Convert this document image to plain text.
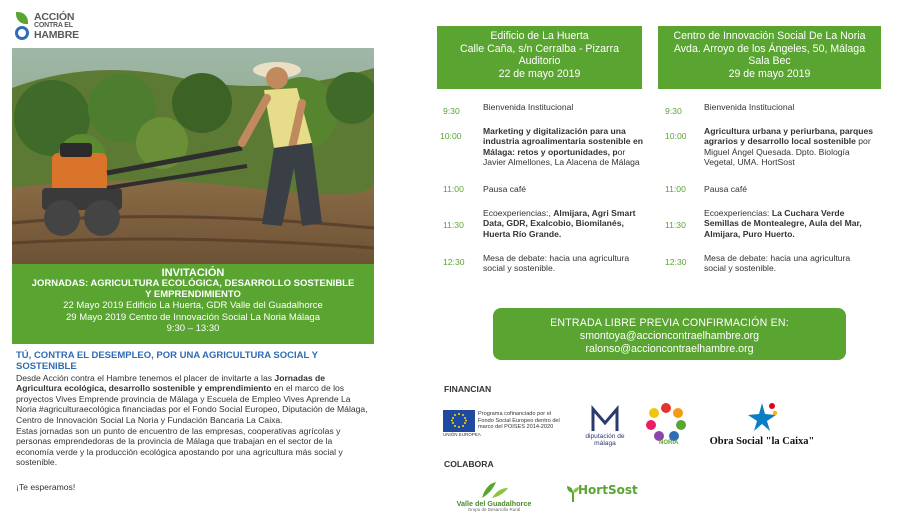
ACCIÓN
CONTRA EL
HAMBRE
INVITACIÓN
JORNADAS: AGRICULTURA ECOLÓGICA, DESARROLLO SOSTENIBLE Y EMPRENDIMIENTO
22 Mayo 2019 Edificio La Huerta, GDR Valle del Guadalhorce
29 Mayo 2019 Centro de Innovación Social La Noria Málaga
9:30 – 13:30
TÚ, CONTRA EL DESEMPLEO, POR UNA AGRICULTURA SOCIAL Y SOSTENIBLE

Desde Acción contra el Hambre tenemos el placer de invitarte a las Jornadas de Agricultura ecológica, desarrollo sostenible y emprendimiento en el marco de los proyectos Vives Emprende provincia de Málaga y Escuela de Empleo Vives Aprende La Noria #agriculturaecológica financiadas por el Fondo Social Europeo, Diputación de Málaga, Centro de Innovación Social La Noria y Fundación Bancaria La Caixa.

Estas jornadas son un punto de encuentro de las empresas, cooperativas agrícolas y personas emprendedoras de la provincia de Málaga que trabajan en el sector de la economía verde y la producción ecológica apostando por una agricultura más social y sostenible.

¡Te esperamos!

Edificio de La Huerta
Calle Caña, s/n Cerralba - Pizarra
Auditorio
22 de mayo 2019
Centro de Innovación Social De La Noria
Avda. Arroyo de los Ángeles, 50, Málaga
Sala Bec
29 de mayo 2019
9:30	Bienvenida Institucional
10:00 Marketing y digitalización para una industria agroalimentaria sostenible en Málaga: retos y oportunidades, por Javier Almellones, La Alacena de Málaga
11:00 Pausa café
11:30
Ecoexperiencias:, Almijara, Agri Smart Data, GDR, Exalcobio, Biomilanés, Huerta Río Grande.
12:30 Mesa de debate: hacia una agricultura social y sostenible.
9:30	Bienvenida Institucional
10:00 Agricultura urbana y periurbana, parques agrarios y desarrollo local sostenible por Miguel Ángel Quesada. Dpto. Biología Vegetal, UMA. HortSost
11:00 Pausa café
11:30
Ecoexperiencias: La Cuchara Verde Semillas de Montealegre, Aula del Mar, Almijara, Puro Huerto.
12:30 Mesa de debate: hacia una agricultura social y sostenible.
ENTRADA LIBRE PREVIA CONFIRMACIÓN EN:
smontoya@accioncontraelhambre.org
ralonso@accioncontraelhambre.org
FINANCIAN
UNIÓN EUROPEA
Programa cofinanciado por el Fondo Social Europeo dentro del marco del POISES 2014-2020
diputación de málaga	NORIA	Obra Social "la Caixa"
COLABORA
Valle del Guadalhorce
Grupo de Desarrollo Rural
HortSost
